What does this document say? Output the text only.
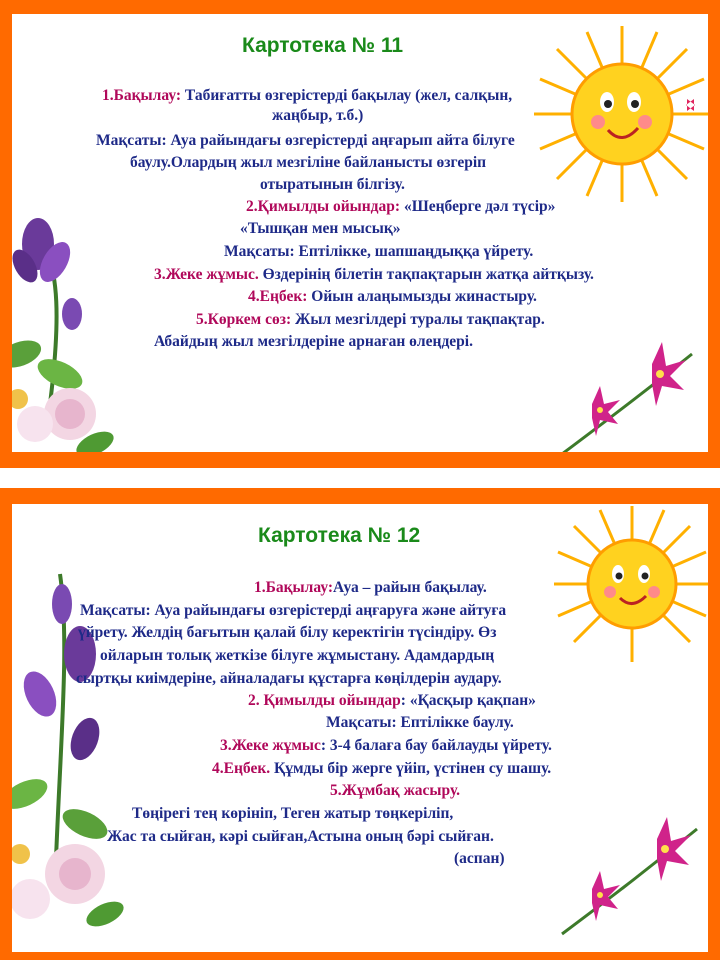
Картотека № 11
1.Бақылау: Табиғатты өзгерістерді бақылау (жел, салқын,
жаңбыр, т.б.)
Мақсаты: Ауа райындағы өзгерістерді аңғарып айта білуге
баулу.Олардың жыл мезгіліне байланысты өзгеріп
отыратынын білгізу.
2.Қимылды ойындар: «Шеңберге дәл түсір»
«Тышқан мен мысық»
Мақсаты: Ептілікке, шапшаңдыққа үйрету.
3.Жеке жұмыс. Өздерінің білетін тақпақтарын жатқа айтқызу.
4.Еңбек: Ойын алаңымызды жинастыру.
5.Көркем сөз: Жыл мезгілдері туралы тақпақтар.
Абайдың жыл мезгілдеріне арнаған өлеңдері.
Картотека № 12
1.Бақылау:Ауа – райын бақылау.
Мақсаты: Ауа райындағы өзгерістерді аңғаруға және айтуға
үйрету. Желдің бағытын қалай білу керектігін түсіндіру. Өз
ойларын толық жеткізе білуге жұмыстану. Адамдардың
сыртқы киімдеріне, айналадағы құстарға көңілдерін аудару.
2. Қимылды ойындар: «Қасқыр қақпан»
Мақсаты: Ептілікке баулу.
3.Жеке жұмыс: 3-4 балаға бау байлауды үйрету.
4.Еңбек. Құмды бір жерге үйіп, үстінен су шашу.
5.Жұмбақ жасыру.
Төңірегі тең көрініп, Теген жатыр төңкеріліп,
Жас та сыйған, кәрі сыйған,Астына оның бәрі сыйған.
(аспан)
